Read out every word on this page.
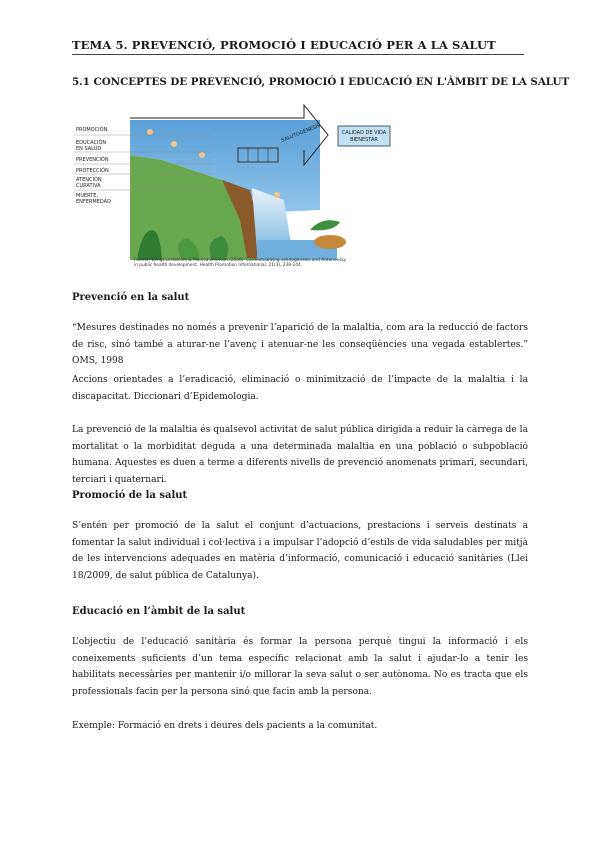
TEMA 5. PREVENCIÓ, PROMOCIÓ I EDUCACIÓ PER A LA SALUT
5.1 CONCEPTES DE PREVENCIÓ, PROMOCIÓ I EDUCACIÓ EN L'ÀMBIT DE LA SALUT
PROMOCIÓN
EDUCACIÓN
EN SALUD
PREVENCIÓN
PROTECCIÓN
ATENCIÓN
CURATIVA
MUERTE,
ENFERMEDAD
SALUTOGÉNESIS	CALIDAD DE VIDA
BIENESTAR
Fuente: Bengt Lindström & Monica Eriksson (2006). Contextualizing salutogenesis and Antonovsky in public health development. Health Promotion International, 21(3), 238-244.
Prevenció en la salut
“Mesures destinades no només a prevenir l’aparició de la malaltia, com ara la reducció de factors de risc, sinó també a aturar-ne l’avenç i atenuar-ne les conseqüències una vegada establertes.” OMS, 1998
Accions orientades a l’eradicació, eliminació o minimització de l’impacte de la malaltia i la discapacitat. Diccionari d’Epidemologia.
La prevenció de la malaltia és qualsevol activitat de salut pública dirigida a reduir la càrrega de la mortalitat o la morbiditat deguda a una determinada malaltia en una població o subpoblació humana. Aquestes es duen a terme a diferents nivells de prevenció anomenats primari, secundari, terciari i quaternari.
Promoció de la salut
S’entén per promoció de la salut el conjunt d’actuacions, prestacions i serveis destinats a fomentar la salut individual i col·lectiva i a impulsar l’adopció d’estils de vida saludables per mitjà de les intervencions adequades en matèria d’informació, comunicació i educació sanitàries (Llei 18/2009, de salut pública de Catalunya).
Educació en l’àmbit de la salut
L’objectiu de l’educació sanitària és formar la persona perquè tingui la informació i els coneixements suficients d’un tema específic relacionat amb la salut i ajudar-lo a tenir les habilitats necessàries per mantenir i/o millorar la seva salut o ser autònoma. No es tracta que els professionals facin per la persona sinó que facin amb la persona.
Exemple: Formació en drets i deures dels pacients a la comunitat.
